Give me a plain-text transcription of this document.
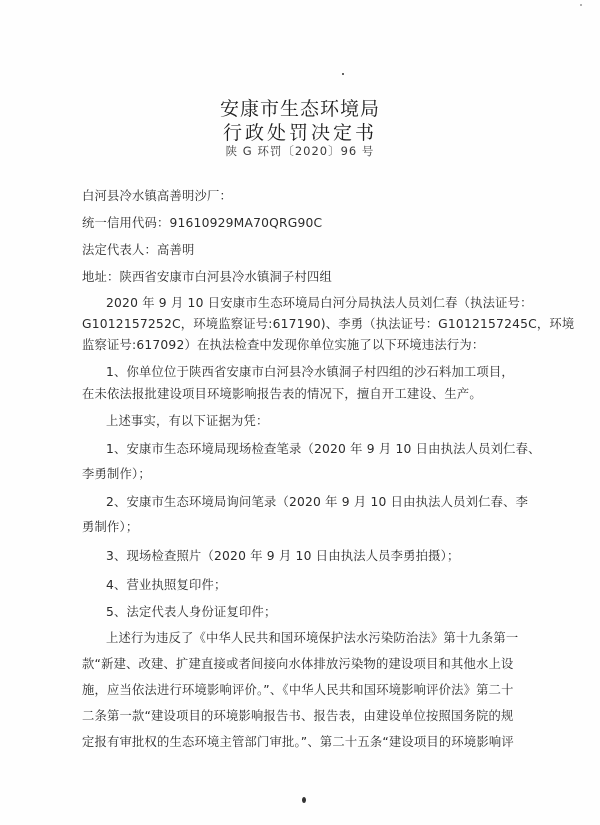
安康市生态环境局
行政处罚决定书
陕 G 环罚〔2020〕96 号
白河县冷水镇高善明沙厂：
统一信用代码：91610929MA70QRG90C
法定代表人：高善明
地址：陕西省安康市白河县冷水镇洞子村四组
2020 年 9 月 10 日安康市生态环境局白河分局执法人员刘仁春（执法证号：
G1012157252C，环境监察证号:617190)、李勇（执法证号：G1012157245C，环境
监察证号:617092）在执法检查中发现你单位实施了以下环境违法行为：
1、你单位位于陕西省安康市白河县冷水镇洞子村四组的沙石料加工项目，
在未依法报批建设项目环境影响报告表的情况下，擅自开工建设、生产。
上述事实，有以下证据为凭：
1、安康市生态环境局现场检查笔录（2020 年 9 月 10 日由执法人员刘仁春、
李勇制作）；
2、安康市生态环境局询问笔录（2020 年 9 月 10 日由执法人员刘仁春、李
勇制作）；
3、现场检查照片（2020 年 9 月 10 日由执法人员李勇拍摄）；
4、营业执照复印件；
5、法定代表人身份证复印件；
上述行为违反了《中华人民共和国环境保护法水污染防治法》第十九条第一
款“新建、改建、扩建直接或者间接向水体排放污染物的建设项目和其他水上设
施，应当依法进行环境影响评价。”、《中华人民共和国环境影响评价法》第二十
二条第一款“建设项目的环境影响报告书、报告表，由建设单位按照国务院的规
定报有审批权的生态环境主管部门审批。”、第二十五条“建设项目的环境影响评
